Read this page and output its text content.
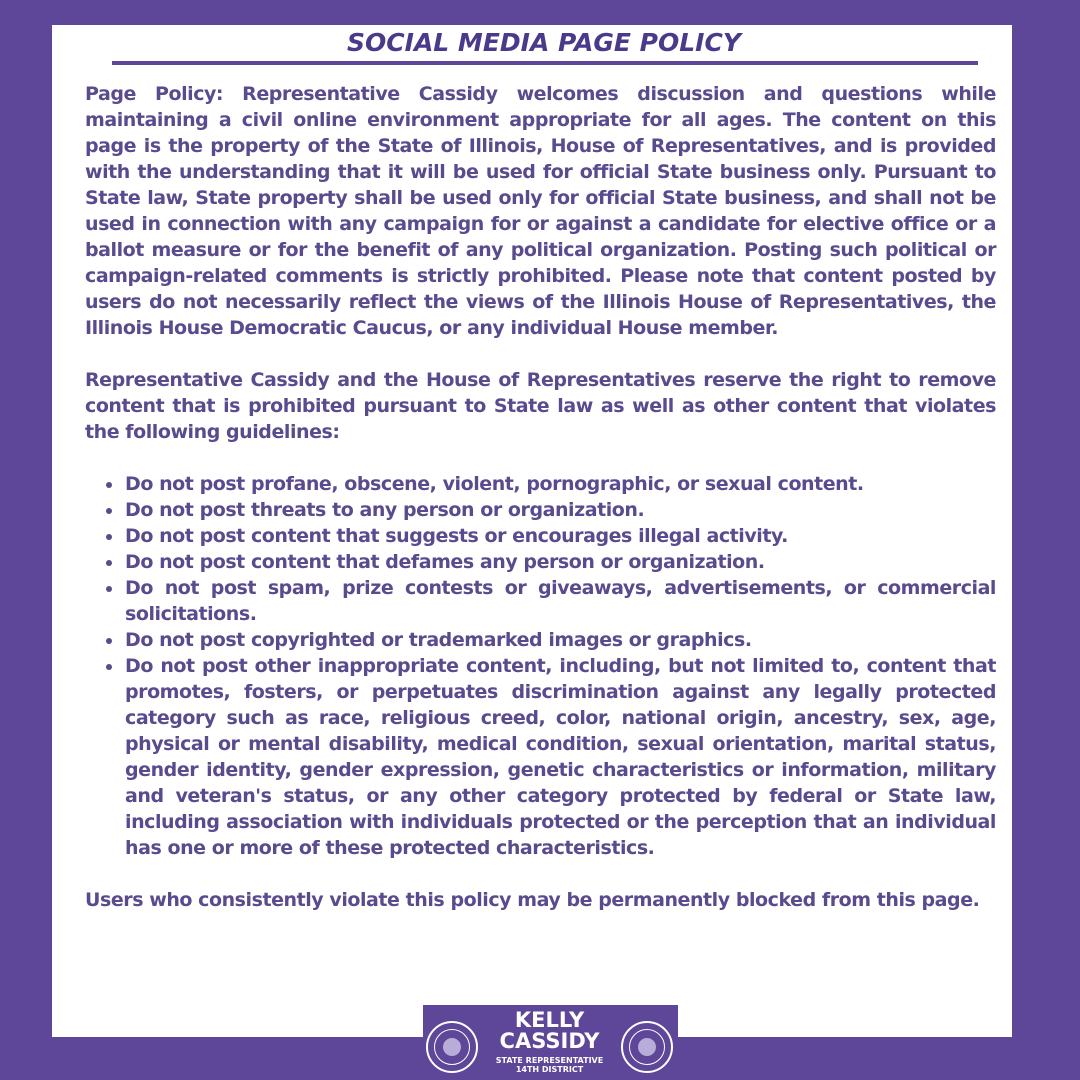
SOCIAL MEDIA PAGE POLICY

Page Policy: Representative Cassidy welcomes discussion and questions while maintaining a civil online environment appropriate for all ages. The content on this page is the property of the State of Illinois, House of Representatives, and is provided with the understanding that it will be used for official State business only. Pursuant to State law, State property shall be used only for official State business, and shall not be used in connection with any campaign for or against a candidate for elective office or a ballot measure or for the benefit of any political organization. Posting such political or campaign-related comments is strictly prohibited. Please note that content posted by users do not necessarily reflect the views of the Illinois House of Representatives, the Illinois House Democratic Caucus, or any individual House member.

Representative Cassidy and the House of Representatives reserve the right to remove content that is prohibited pursuant to State law as well as other content that violates the following guidelines:

Do not post profane, obscene, violent, pornographic, or sexual content.
Do not post threats to any person or organization.
Do not post content that suggests or encourages illegal activity.
Do not post content that defames any person or organization.
Do not post spam, prize contests or giveaways, advertisements, or commercial solicitations.
Do not post copyrighted or trademarked images or graphics.
Do not post other inappropriate content, including, but not limited to, content that promotes, fosters, or perpetuates discrimination against any legally protected category such as race, religious creed, color, national origin, ancestry, sex, age, physical or mental disability, medical condition, sexual orientation, marital status, gender identity, gender expression, genetic characteristics or information, military and veteran's status, or any other category protected by federal or State law, including association with individuals protected or the perception that an individual has one or more of these protected characteristics.

Users who consistently violate this policy may be permanently blocked from this page.

KELLY
CASSIDY
STATE REPRESENTATIVE
14TH DISTRICT
